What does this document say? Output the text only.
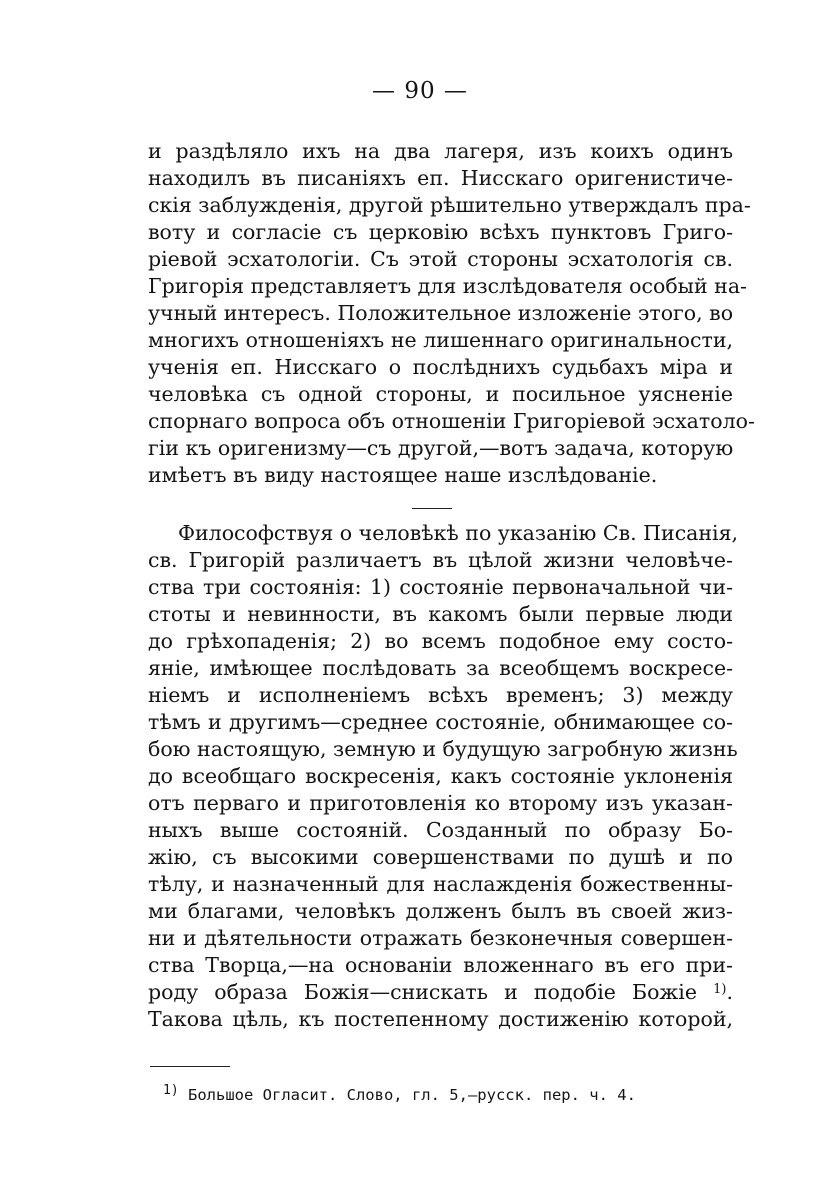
— 90 —
и раздѣляло ихъ на два лагеря, изъ коихъ одинъ
находилъ въ писаніяхъ еп. Нисскаго оригенистиче-
скія заблужденія, другой рѣшительно утверждалъ пра-
воту и согласіе съ церковію всѣхъ пунктовъ Григо-
ріевой эсхатологіи. Съ этой стороны эсхатологія св.
Григорія представляетъ для изслѣдователя особый на-
учный интересъ. Положительное изложеніе этого, во
многихъ отношеніяхъ не лишеннаго оригинальности,
ученія еп. Нисскаго о послѣднихъ судьбахъ міра и
человѣка съ одной стороны, и посильное уясненіе
спорнаго вопроса объ отношеніи Григоріевой эсхатоло-
гіи къ оригенизму—съ другой,—вотъ задача, которую
имѣетъ въ виду настоящее наше изслѣдованіе.
Философствуя о человѣкѣ по указанію Св. Писанія,
св. Григорій различаетъ въ цѣлой жизни человѣче-
ства три состоянія: 1) состояніе первоначальной чи-
стоты и невинности, въ какомъ были первые люди
до грѣхопаденія; 2) во всемъ подобное ему состо-
яніе, имѣющее послѣдовать за всеобщемъ воскресе-
ніемъ и исполненіемъ всѣхъ временъ; 3) между
тѣмъ и другимъ—среднее состояніе, обнимающее со-
бою настоящую, земную и будущую загробную жизнь
до всеобщаго воскресенія, какъ состояніе уклоненія
отъ перваго и приготовленія ко второму изъ указан-
ныхъ выше состояній. Созданный по образу Бо-
жію, съ высокими совершенствами по душѣ и по
тѣлу, и назначенный для наслажденія божественны-
ми благами, человѣкъ долженъ былъ въ своей жиз-
ни и дѣятельности отражать безконечныя совершен-
ства Творца,—на основаніи вложеннаго въ его при-
роду образа Божія—снискать и подобіе Божіе $^{1)}$.
Такова цѣль, къ постепенному достиженію которой,
$^{1)}$ Большое Огласит. Слово, гл. 5,—русск. пер. ч. 4.
